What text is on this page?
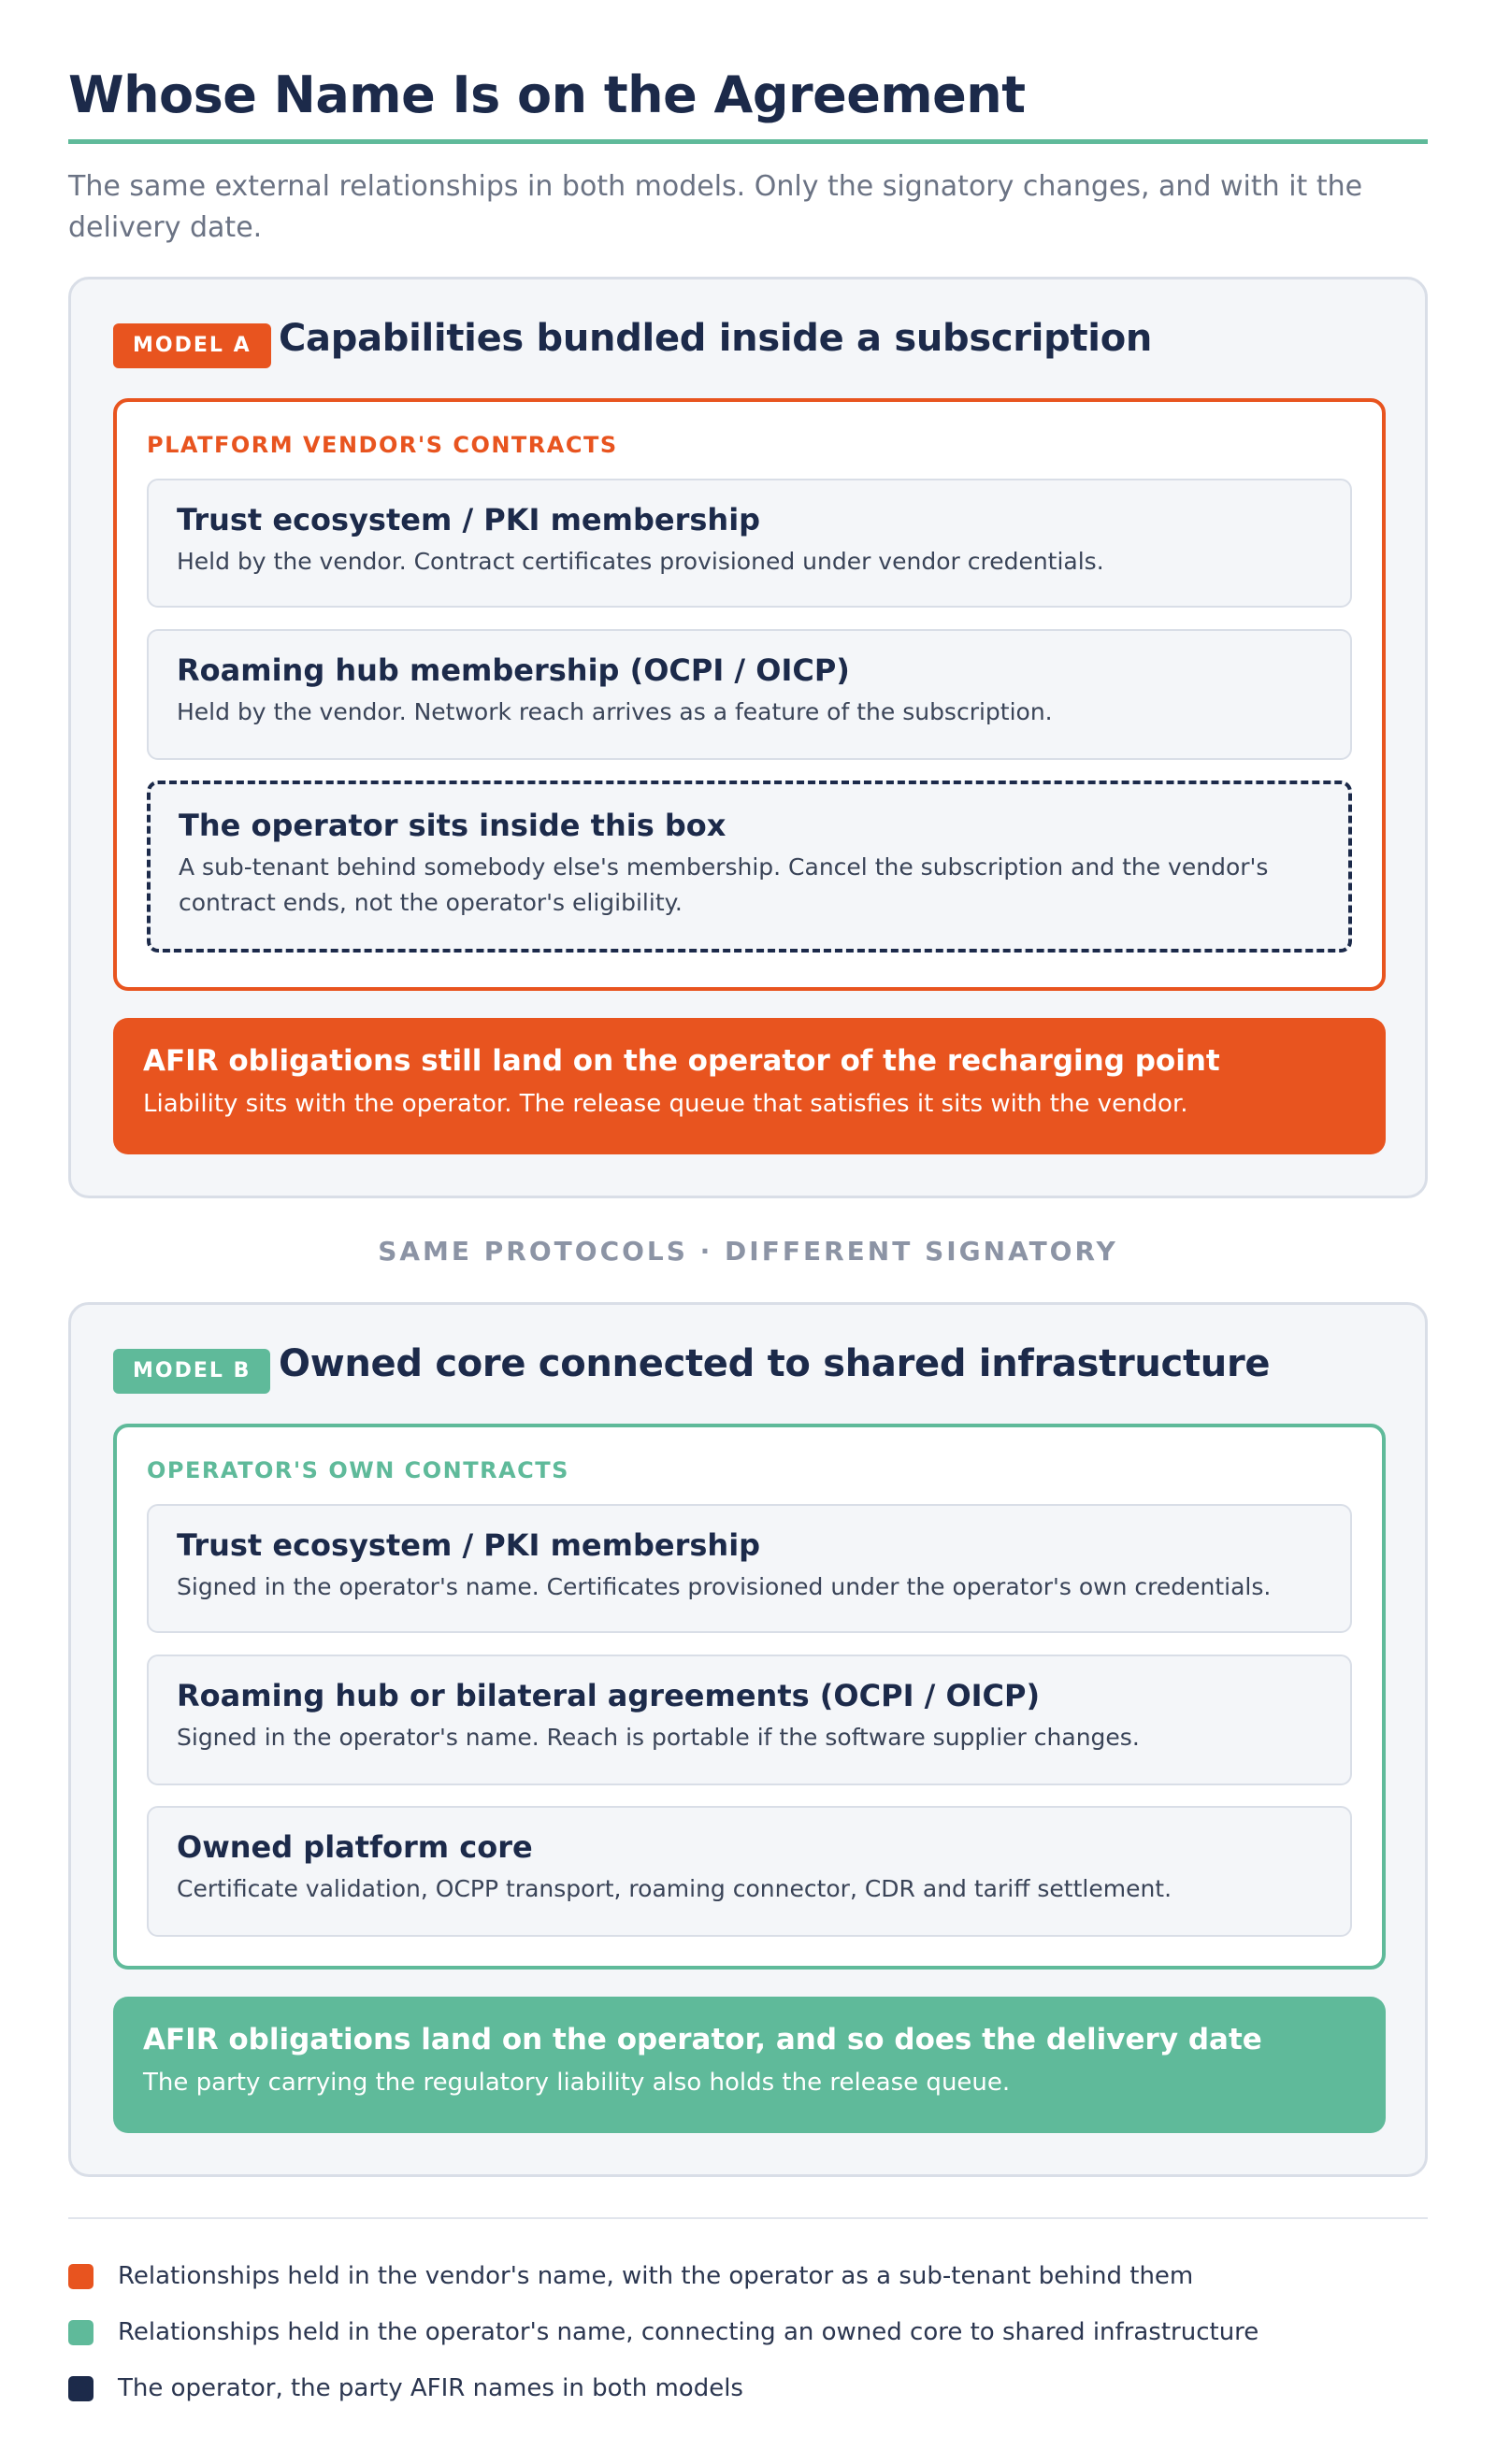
Whose Name Is on the Agreement

The same external relationships in both models. Only the signatory changes, and with it the delivery date.

MODEL A Capabilities bundled inside a subscription
PLATFORM VENDOR'S CONTRACTS
Trust ecosystem / PKI membership
Held by the vendor. Contract certificates provisioned under vendor credentials.
Roaming hub membership (OCPI / OICP)
Held by the vendor. Network reach arrives as a feature of the subscription.
The operator sits inside this box
A sub-tenant behind somebody else's membership. Cancel the subscription and the vendor's contract ends, not the operator's eligibility.
AFIR obligations still land on the operator of the recharging point
Liability sits with the operator. The release queue that satisfies it sits with the vendor.
SAME PROTOCOLS · DIFFERENT SIGNATORY
MODEL B Owned core connected to shared infrastructure
OPERATOR'S OWN CONTRACTS
Trust ecosystem / PKI membership
Signed in the operator's name. Certificates provisioned under the operator's own credentials.
Roaming hub or bilateral agreements (OCPI / OICP)
Signed in the operator's name. Reach is portable if the software supplier changes.
Owned platform core
Certificate validation, OCPP transport, roaming connector, CDR and tariff settlement.
AFIR obligations land on the operator, and so does the delivery date
The party carrying the regulatory liability also holds the release queue.
Relationships held in the vendor's name, with the operator as a sub-tenant behind them
Relationships held in the operator's name, connecting an owned core to shared infrastructure
The operator, the party AFIR names in both models
